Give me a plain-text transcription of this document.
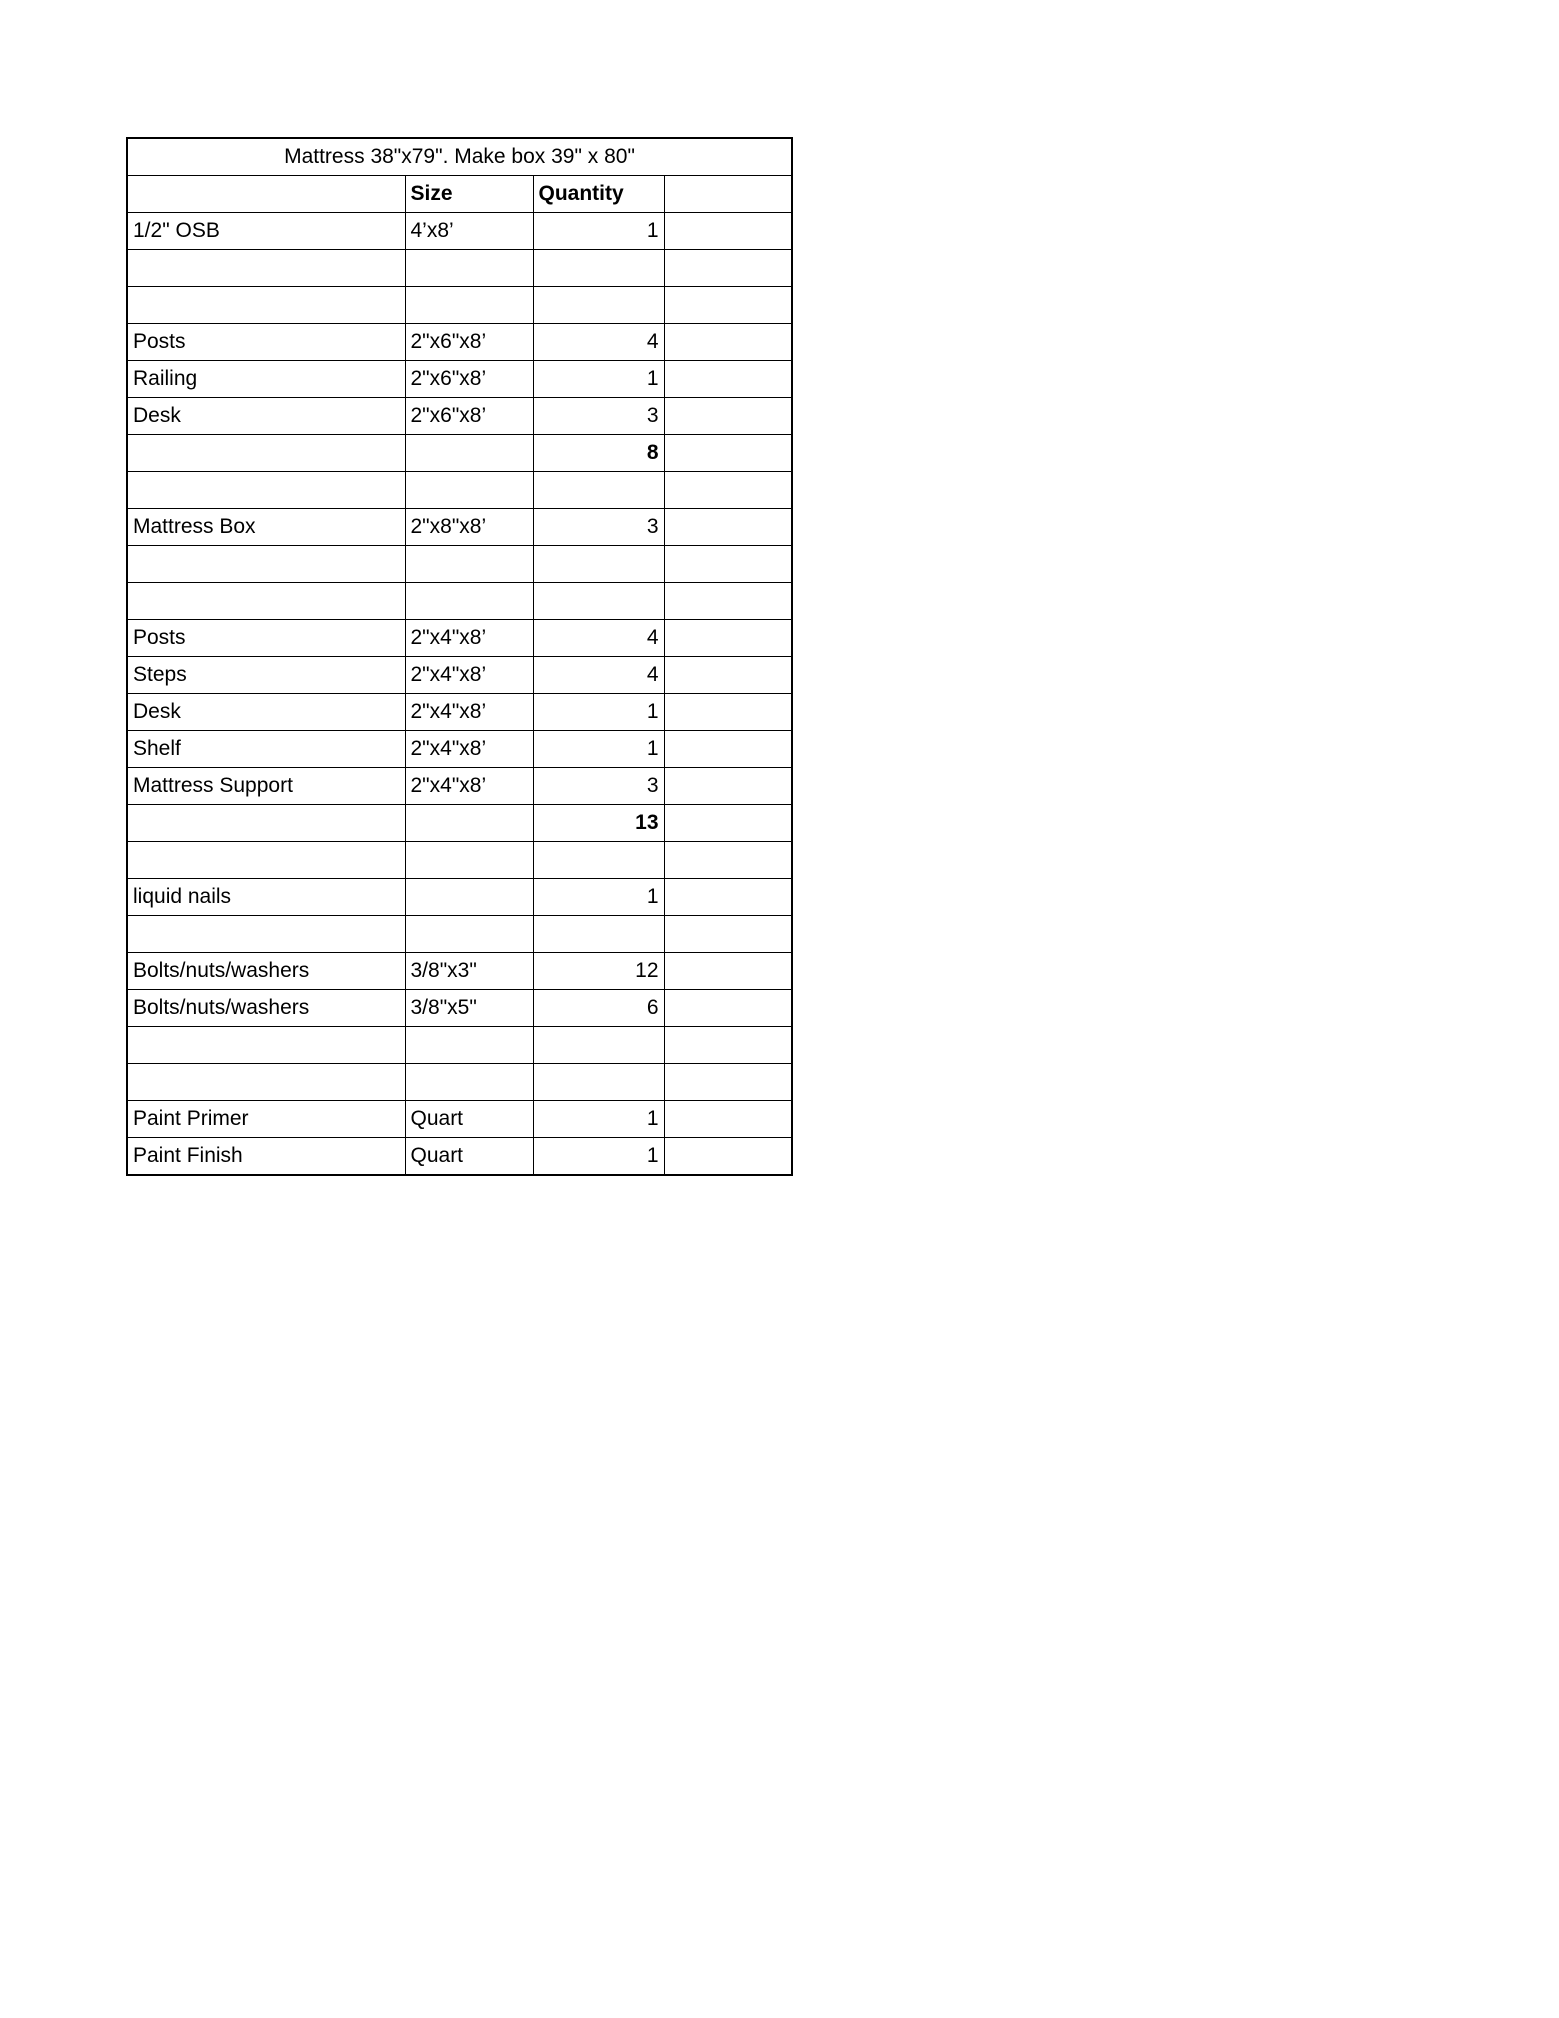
Mattress 38"x79". Make box 39" x 80"			
	Size	Quantity	
1/2" OSB	4’x8’	1	

Posts	2"x6"x8’	4	
Railing	2"x6"x8’	1	
Desk	2"x6"x8’	3	
		8	

Mattress Box	2"x8"x8’	3	

Posts	2"x4"x8’	4	
Steps	2"x4"x8’	4	
Desk	2"x4"x8’	1	
Shelf	2"x4"x8’	1	
Mattress Support	2"x4"x8’	3	
		13	

liquid nails		1	

Bolts/nuts/washers	3/8"x3"	12	
Bolts/nuts/washers	3/8"x5"	6	

Paint Primer	Quart	1	
Paint Finish	Quart	1	
